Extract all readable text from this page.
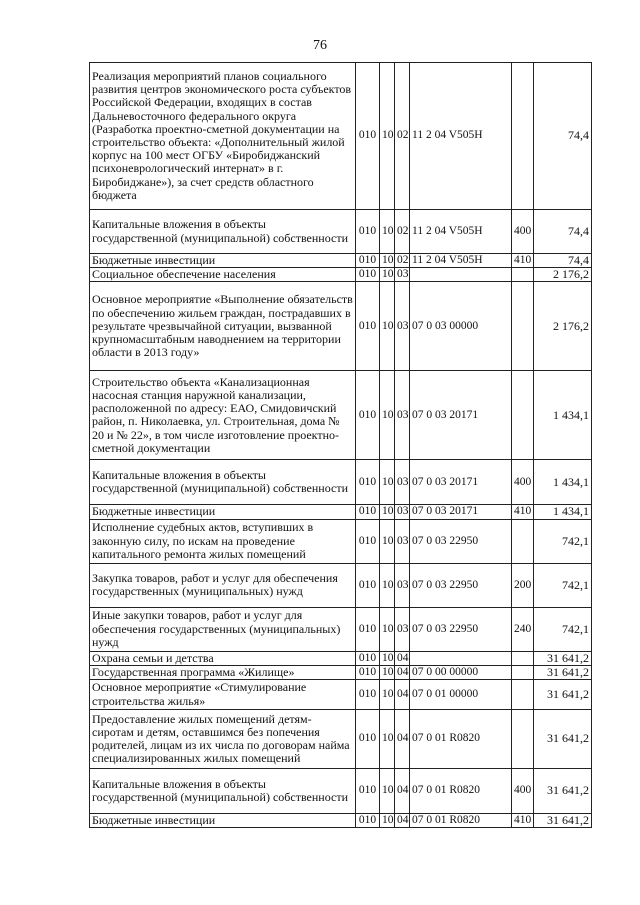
76
Реализация мероприятий планов социального развития центров экономического роста субъектов Российской Федерации, входящих в состав Дальневосточного федерального округа (Разработка проектно-сметной документации на строительство объекта: «Дополнительный жилой корпус на 100 мест ОГБУ «Биробиджанский психоневрологический интернат» в г. Биробиджане»), за счет средств областного бюджета	010	10	02	11 2 04 V505Н		74,4
Капитальные вложения в объекты государственной (муниципальной) собственности	010	10	02	11 2 04 V505Н	400	74,4
Бюджетные инвестиции	010	10	02	11 2 04 V505Н	410	74,4
Социальное обеспечение населения	010	10	03			2 176,2
Основное мероприятие «Выполнение обязательств по обеспечению жильем граждан, пострадавших в результате чрезвычайной ситуации, вызванной крупномасштабным наводнением на территории области в 2013 году»	010	10	03	07 0 03 00000		2 176,2
Строительство объекта «Канализационная насосная станция наружной канализации, расположенной по адресу: ЕАО, Смидовичский район, п. Николаевка, ул. Строительная, дома № 20 и № 22», в том числе изготовление проектно-сметной документации	010	10	03	07 0 03 20171		1 434,1
Капитальные вложения в объекты государственной (муниципальной) собственности	010	10	03	07 0 03 20171	400	1 434,1
Бюджетные инвестиции	010	10	03	07 0 03 20171	410	1 434,1
Исполнение судебных актов, вступивших в законную силу, по искам на проведение капитального ремонта жилых помещений	010	10	03	07 0 03 22950		742,1
Закупка товаров, работ и услуг для обеспечения государственных (муниципальных) нужд	010	10	03	07 0 03 22950	200	742,1
Иные закупки товаров, работ и услуг для обеспечения государственных (муниципальных) нужд	010	10	03	07 0 03 22950	240	742,1
Охрана семьи и детства	010	10	04			31 641,2
Государственная программа «Жилище»	010	10	04	07 0 00 00000		31 641,2
Основное мероприятие «Стимулирование строительства жилья»	010	10	04	07 0 01 00000		31 641,2
Предоставление жилых помещений детям-сиротам и детям, оставшимся без попечения родителей, лицам из их числа по договорам найма специализированных жилых помещений	010	10	04	07 0 01 R0820		31 641,2
Капитальные вложения в объекты государственной (муниципальной) собственности	010	10	04	07 0 01 R0820	400	31 641,2
Бюджетные инвестиции	010	10	04	07 0 01 R0820	410	31 641,2
